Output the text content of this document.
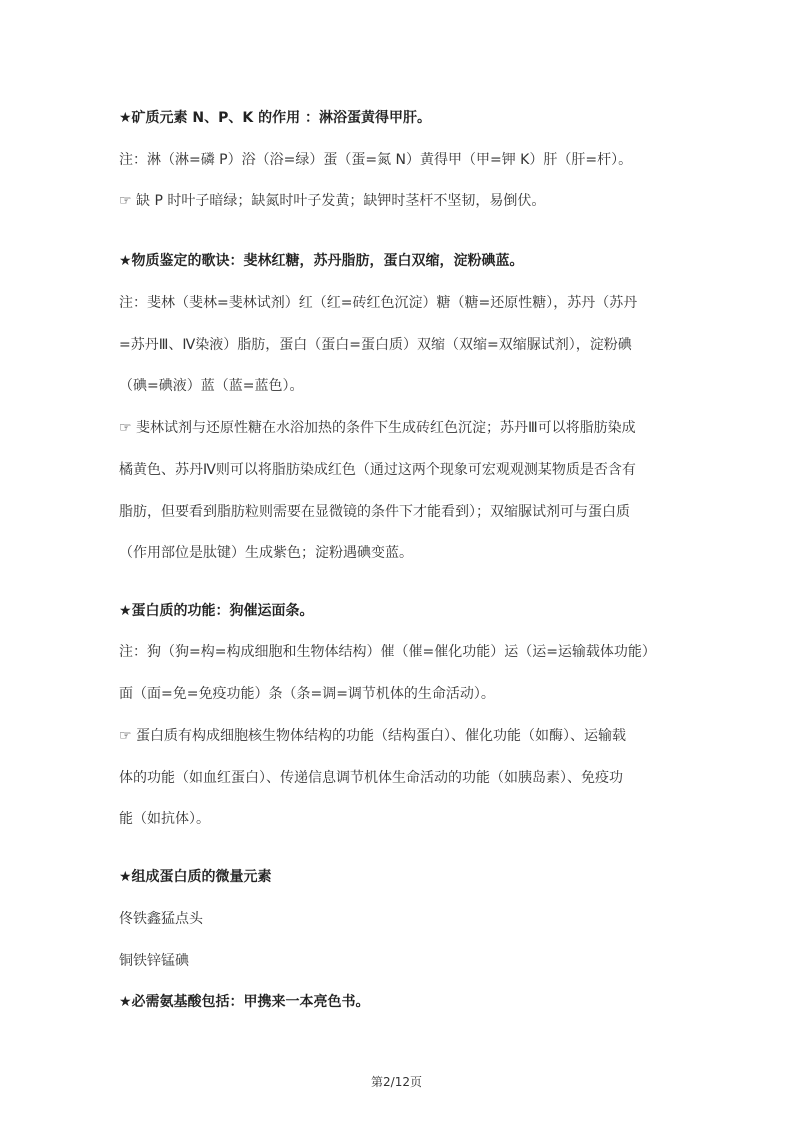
★矿质元素 N、P、K 的作用 ：淋浴蛋黄得甲肝。
注：淋（淋=磷 P）浴（浴=绿）蛋（蛋=氮 N）黄得甲（甲=钾 K）肝（肝=杆）。
☞ 缺 P 时叶子暗绿；缺氮时叶子发黄；缺钾时茎杆不坚韧，易倒伏。
★物质鉴定的歌诀：斐林红糖，苏丹脂肪，蛋白双缩，淀粉碘蓝。
注：斐林（斐林=斐林试剂）红（红=砖红色沉淀）糖（糖=还原性糖），苏丹（苏丹
=苏丹Ⅲ、Ⅳ染液）脂肪，蛋白（蛋白=蛋白质）双缩（双缩=双缩脲试剂），淀粉碘
（碘=碘液）蓝（蓝=蓝色）。
☞ 斐林试剂与还原性糖在水浴加热的条件下生成砖红色沉淀；苏丹Ⅲ可以将脂肪染成
橘黄色、苏丹Ⅳ则可以将脂肪染成红色（通过这两个现象可宏观观测某物质是否含有
脂肪，但要看到脂肪粒则需要在显微镜的条件下才能看到）；双缩脲试剂可与蛋白质
（作用部位是肽键）生成紫色；淀粉遇碘变蓝。
★蛋白质的功能：狗催运面条。
注：狗（狗=构=构成细胞和生物体结构）催（催=催化功能）运（运=运输载体功能）
面（面=免=免疫功能）条（条=调=调节机体的生命活动）。
☞ 蛋白质有构成细胞核生物体结构的功能（结构蛋白）、催化功能（如酶）、运输载
体的功能（如血红蛋白）、传递信息调节机体生命活动的功能（如胰岛素）、免疫功
能（如抗体）。
★组成蛋白质的微量元素
佟铁鑫猛点头
铜铁锌锰碘
★必需氨基酸包括：甲携来一本亮色书。
第2/12页
